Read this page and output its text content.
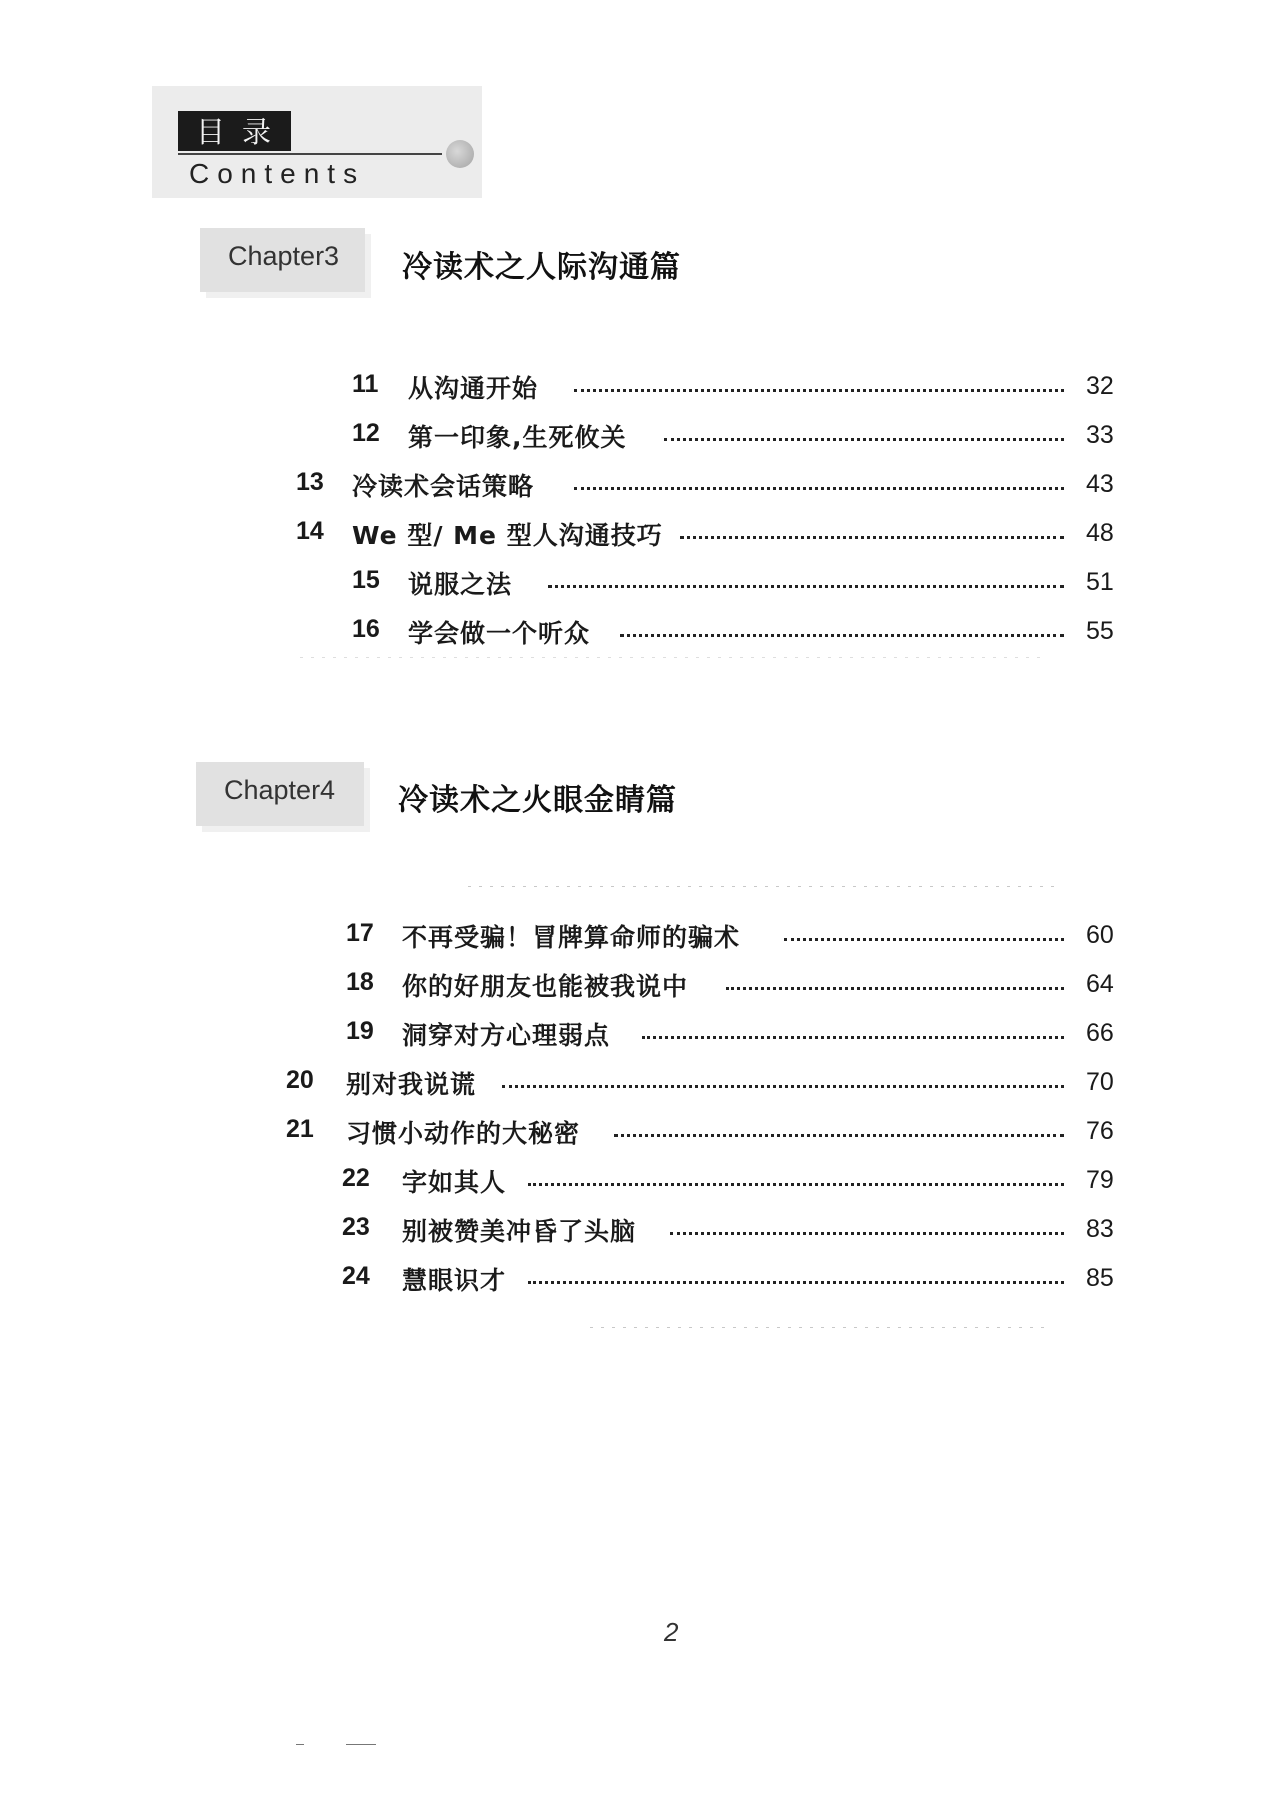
目录
Contents
Chapter3 冷读术之人际沟通篇
11 从沟通开始	32
12 第一印象,生死攸关	33
13 冷读术会话策略	43
14 We 型/ Me 型人沟通技巧	48
15 说服之法	51
16 学会做一个听众	55
Chapter4 冷读术之火眼金睛篇
17 不再受骗！冒牌算命师的骗术	60
18 你的好朋友也能被我说中	64
19 洞穿对方心理弱点	66
20 别对我说谎	70
21 习惯小动作的大秘密	76
22 字如其人	79
23 别被赞美冲昏了头脑	83
24 慧眼识才	85
2
